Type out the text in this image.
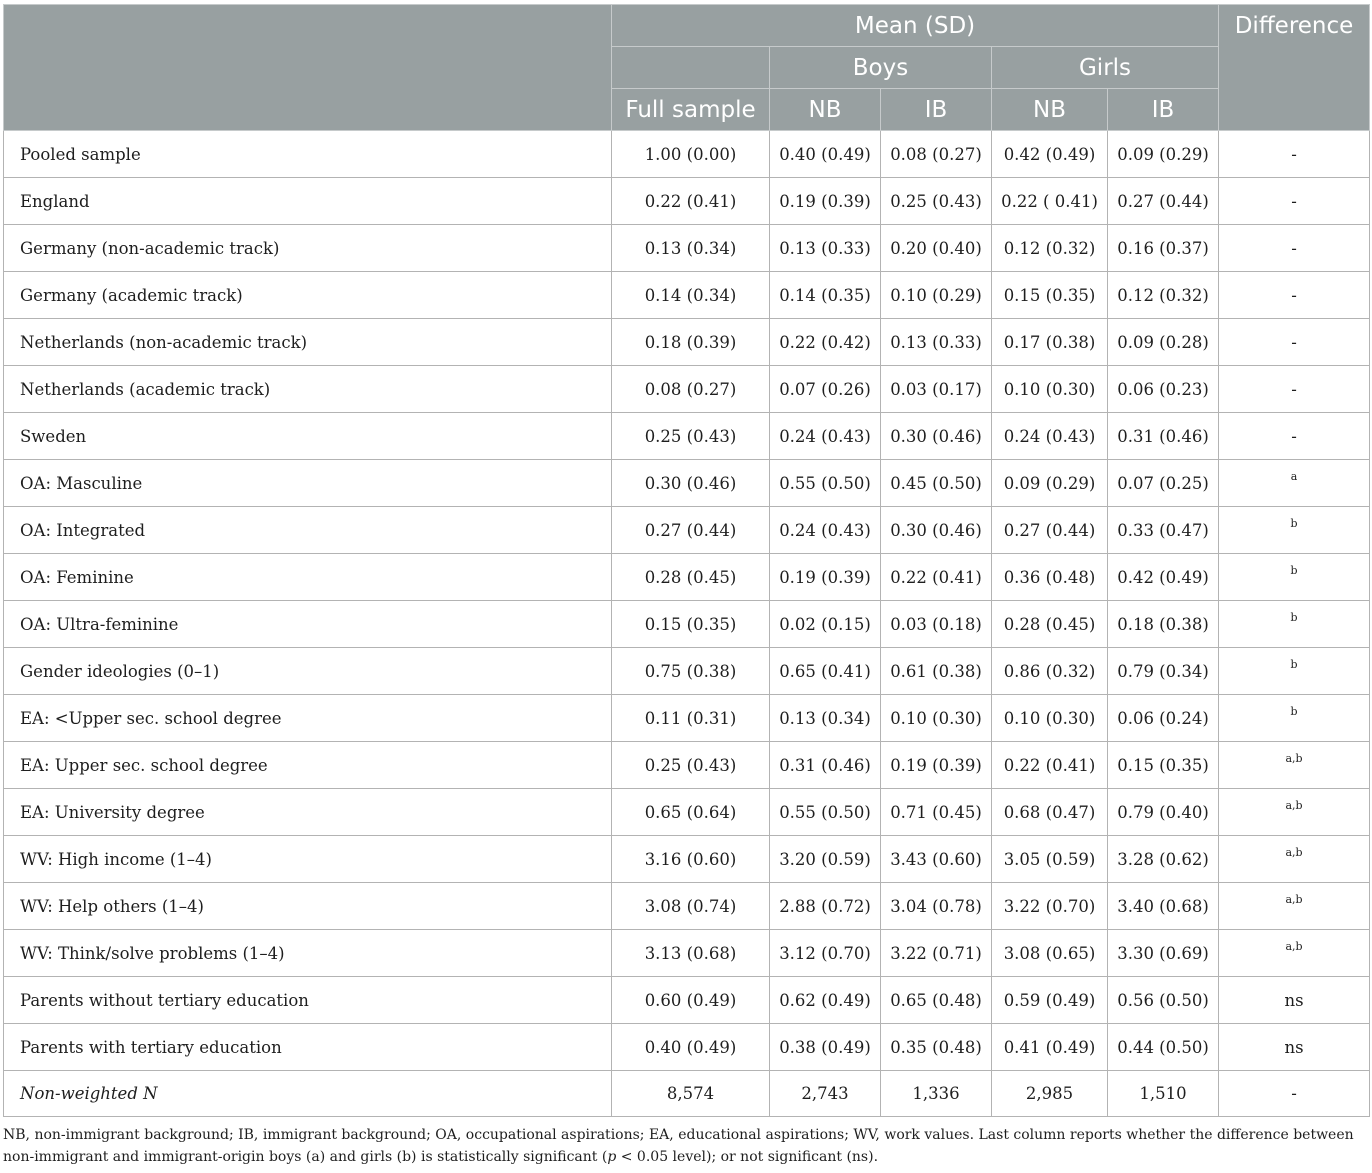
	Mean (SD)					Difference
		Boys		Girls		
	Full sample	NB	IB	NB	IB	
Pooled sample	1.00 (0.00)	0.40 (0.49)	0.08 (0.27)	0.42 (0.49)	0.09 (0.29)	-
England	0.22 (0.41)	0.19 (0.39)	0.25 (0.43)	0.22 ( 0.41)	0.27 (0.44)	-
Germany (non-academic track)	0.13 (0.34)	0.13 (0.33)	0.20 (0.40)	0.12 (0.32)	0.16 (0.37)	-
Germany (academic track)	0.14 (0.34)	0.14 (0.35)	0.10 (0.29)	0.15 (0.35)	0.12 (0.32)	-
Netherlands (non-academic track)	0.18 (0.39)	0.22 (0.42)	0.13 (0.33)	0.17 (0.38)	0.09 (0.28)	-
Netherlands (academic track)	0.08 (0.27)	0.07 (0.26)	0.03 (0.17)	0.10 (0.30)	0.06 (0.23)	-
Sweden	0.25 (0.43)	0.24 (0.43)	0.30 (0.46)	0.24 (0.43)	0.31 (0.46)	-
OA: Masculine	0.30 (0.46)	0.55 (0.50)	0.45 (0.50)	0.09 (0.29)	0.07 (0.25)	$^a$
OA: Integrated	0.27 (0.44)	0.24 (0.43)	0.30 (0.46)	0.27 (0.44)	0.33 (0.47)	$^b$
OA: Feminine	0.28 (0.45)	0.19 (0.39)	0.22 (0.41)	0.36 (0.48)	0.42 (0.49)	$^b$
OA: Ultra-feminine	0.15 (0.35)	0.02 (0.15)	0.03 (0.18)	0.28 (0.45)	0.18 (0.38)	$^b$
Gender ideologies (0–1)	0.75 (0.38)	0.65 (0.41)	0.61 (0.38)	0.86 (0.32)	0.79 (0.34)	$^b$
EA: <Upper sec. school degree	0.11 (0.31)	0.13 (0.34)	0.10 (0.30)	0.10 (0.30)	0.06 (0.24)	$^b$
EA: Upper sec. school degree	0.25 (0.43)	0.31 (0.46)	0.19 (0.39)	0.22 (0.41)	0.15 (0.35)	$^{a,b}$
EA: University degree	0.65 (0.64)	0.55 (0.50)	0.71 (0.45)	0.68 (0.47)	0.79 (0.40)	$^{a,b}$
WV: High income (1–4)	3.16 (0.60)	3.20 (0.59)	3.43 (0.60)	3.05 (0.59)	3.28 (0.62)	$^{a,b}$
WV: Help others (1–4)	3.08 (0.74)	2.88 (0.72)	3.04 (0.78)	3.22 (0.70)	3.40 (0.68)	$^{a,b}$
WV: Think/solve problems (1–4)	3.13 (0.68)	3.12 (0.70)	3.22 (0.71)	3.08 (0.65)	3.30 (0.69)	$^{a,b}$
Parents without tertiary education	0.60 (0.49)	0.62 (0.49)	0.65 (0.48)	0.59 (0.49)	0.56 (0.50)	ns
Parents with tertiary education	0.40 (0.49)	0.38 (0.49)	0.35 (0.48)	0.41 (0.49)	0.44 (0.50)	ns
Non-weighted N	8,574	2,743	1,336	2,985	1,510	-
NB, non-immigrant background; IB, immigrant background; OA, occupational aspirations; EA, educational aspirations; WV, work values. Last column reports whether the difference between non-immigrant and immigrant-origin boys (a) and girls (b) is statistically significant (p < 0.05 level); or not significant (ns).
